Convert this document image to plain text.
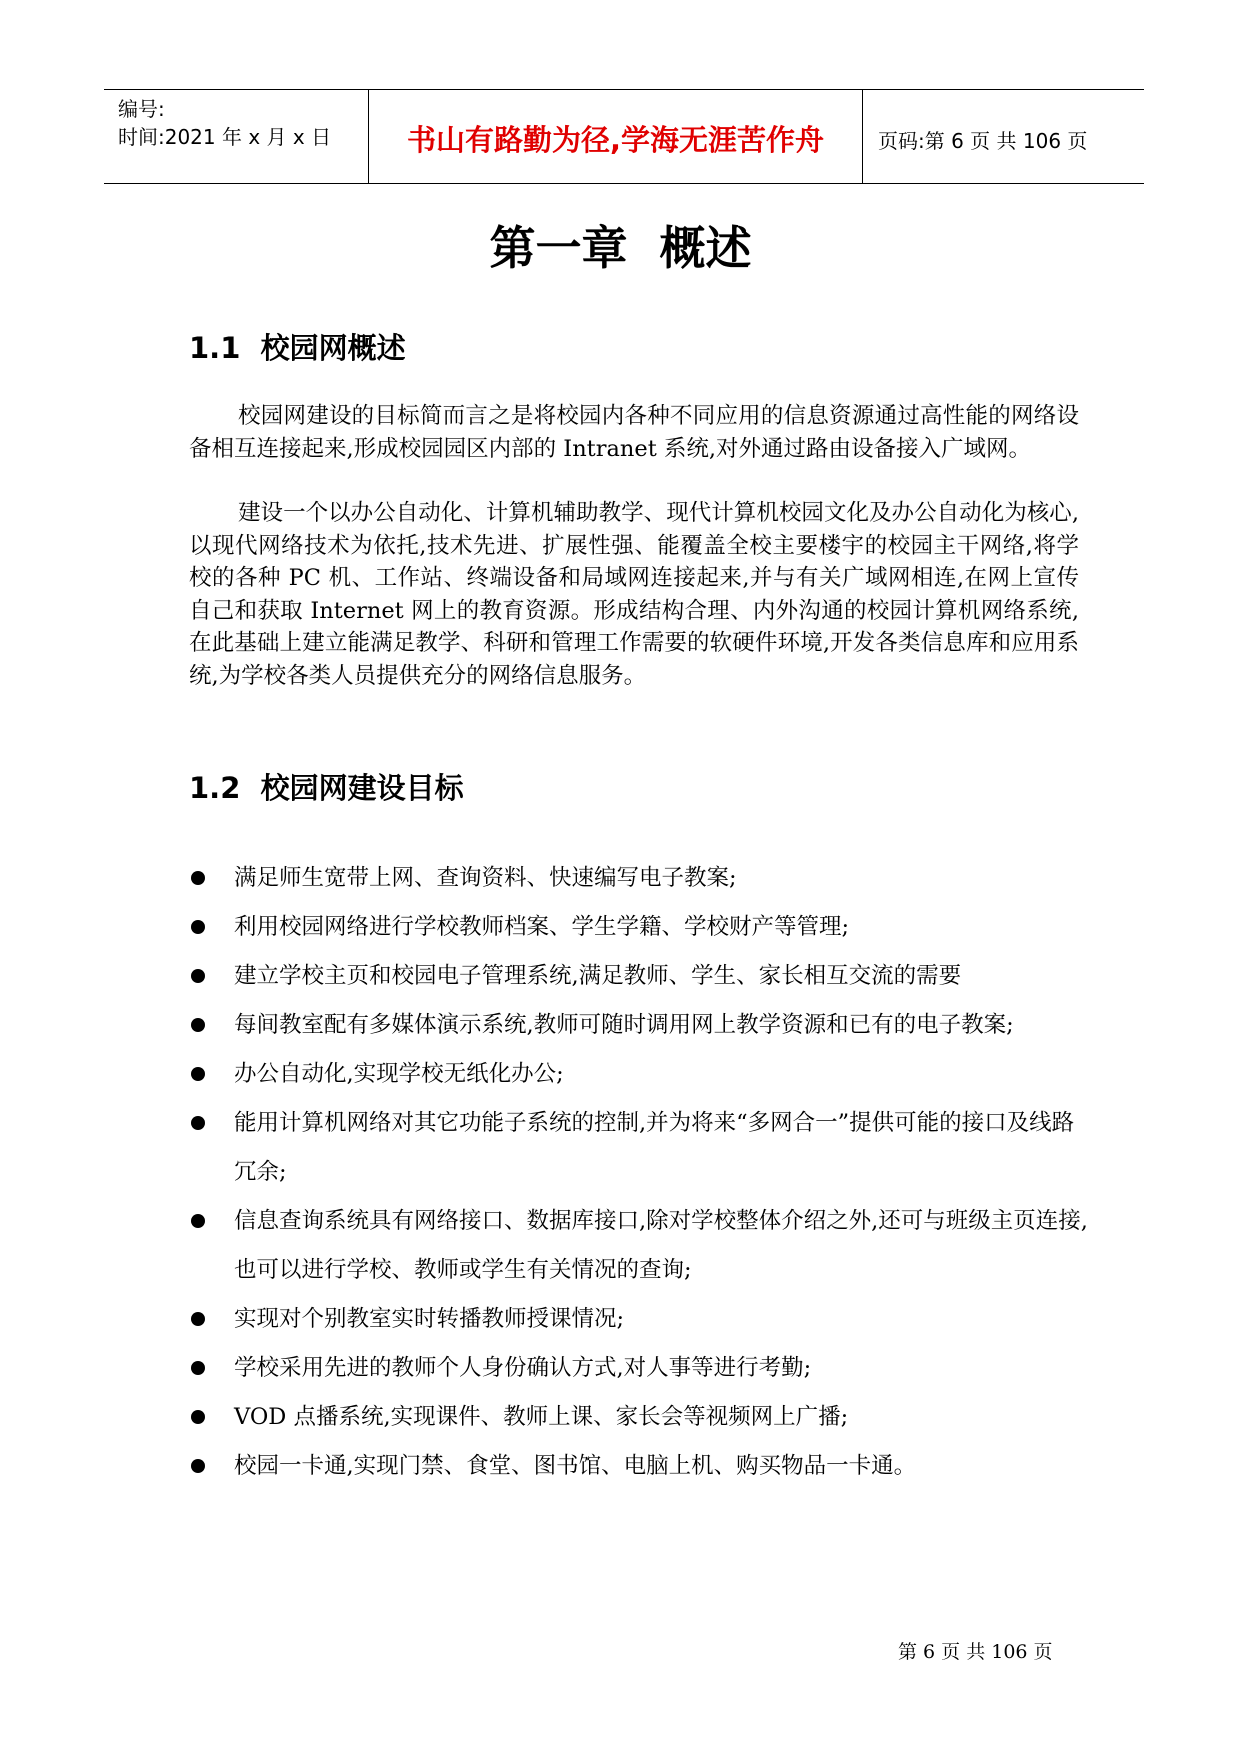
编号:
时间:2021 年 x 月 x 日	书山有路勤为径,学海无涯苦作舟	页码:第 6 页 共 106 页
第一章  概述
1.1  校园网概述

校园网建设的目标简而言之是将校园内各种不同应用的信息资源通过高性能的网络设备相互连接起来,形成校园园区内部的 Intranet 系统,对外通过路由设备接入广域网。

建设一个以办公自动化、计算机辅助教学、现代计算机校园文化及办公自动化为核心,以现代网络技术为依托,技术先进、扩展性强、能覆盖全校主要楼宇的校园主干网络,将学校的各种 PC 机、工作站、终端设备和局域网连接起来,并与有关广域网相连,在网上宣传自己和获取 Internet 网上的教育资源。形成结构合理、内外沟通的校园计算机网络系统,在此基础上建立能满足教学、科研和管理工作需要的软硬件环境,开发各类信息库和应用系统,为学校各类人员提供充分的网络信息服务。

1.2  校园网建设目标
满足师生宽带上网、查询资料、快速编写电子教案;
利用校园网络进行学校教师档案、学生学籍、学校财产等管理;
建立学校主页和校园电子管理系统,满足教师、学生、家长相互交流的需要
每间教室配有多媒体演示系统,教师可随时调用网上教学资源和已有的电子教案;
办公自动化,实现学校无纸化办公;
能用计算机网络对其它功能子系统的控制,并为将来“多网合一”提供可能的接口及线路冗余;
信息查询系统具有网络接口、数据库接口,除对学校整体介绍之外,还可与班级主页连接,也可以进行学校、教师或学生有关情况的查询;
实现对个别教室实时转播教师授课情况;
学校采用先进的教师个人身份确认方式,对人事等进行考勤;
VOD 点播系统,实现课件、教师上课、家长会等视频网上广播;
校园一卡通,实现门禁、食堂、图书馆、电脑上机、购买物品一卡通。
第 6 页 共 106 页
